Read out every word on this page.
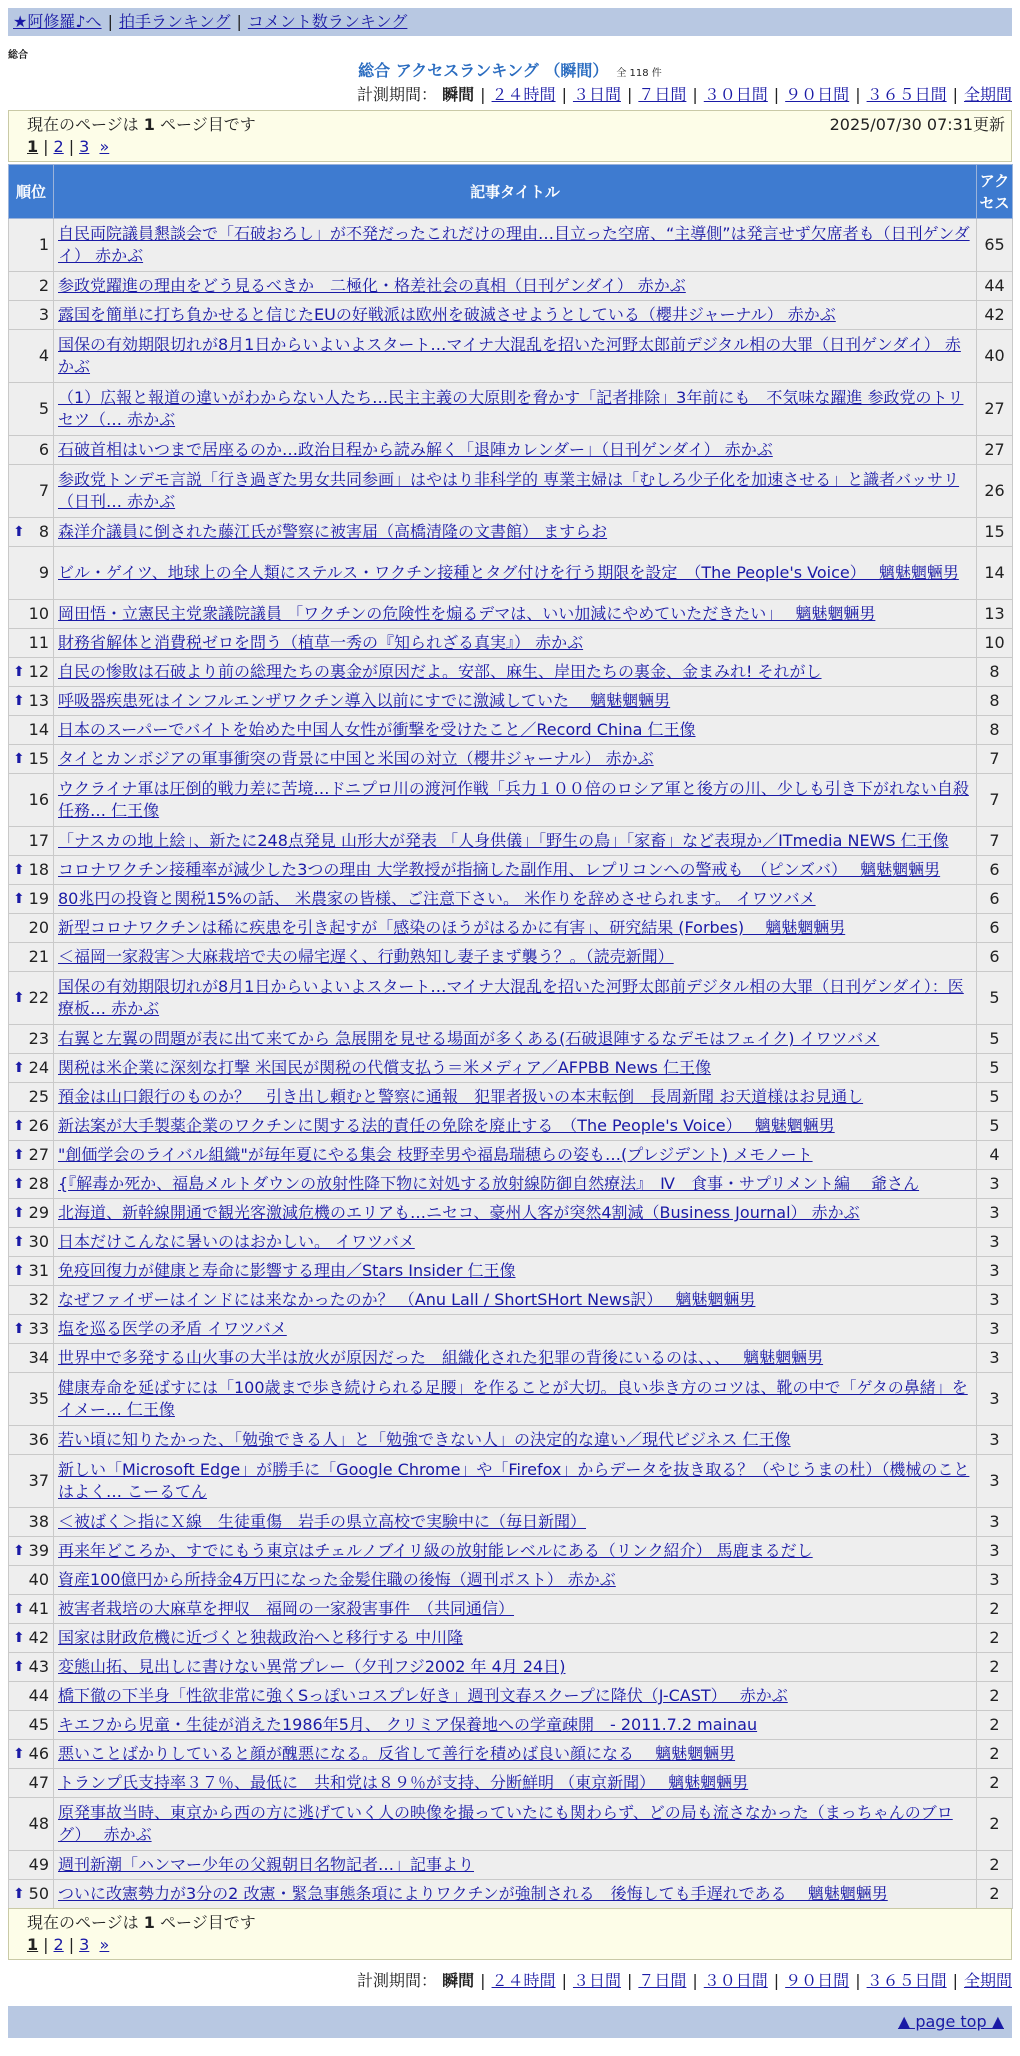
★阿修羅♪へ | 拍手ランキング | コメント数ランキング
総合
総合 アクセスランキング （瞬間） 全 118 件
計測期間： 瞬間 | ２４時間 | ３日間 | ７日間 | ３０日間 | ９０日間 | ３６５日間 | 全期間
現在のページは 1 ページ目です	2025/07/30 07:31更新
1 | 2 | 3 »
順位	記事タイトル	アクセス
1	自民両院議員懇談会で「石破おろし」が不発だったこれだけの理由…目立った空席、“主導側”は発言せず欠席者も（日刊ゲンダイ） 赤かぶ	65
2	参政党躍進の理由をどう見るべきか　二極化・格差社会の真相（日刊ゲンダイ） 赤かぶ	44
3	露国を簡単に打ち負かせると信じたEUの好戦派は欧州を破滅させようとしている（櫻井ジャーナル） 赤かぶ	42
4	国保の有効期限切れが8月1日からいよいよスタート…マイナ大混乱を招いた河野太郎前デジタル相の大罪（日刊ゲンダイ） 赤かぶ	40
5	（1）広報と報道の違いがわからない人たち…民主主義の大原則を脅かす「記者排除」3年前にも　不気味な躍進 参政党のトリセツ（… 赤かぶ	27
6	石破首相はいつまで居座るのか…政治日程から読み解く「退陣カレンダー」（日刊ゲンダイ） 赤かぶ	27
7	参政党トンデモ言説「行き過ぎた男女共同参画」はやはり非科学的 専業主婦は「むしろ少子化を加速させる」と識者バッサリ（日刊… 赤かぶ	26

⬆ 8	森洋介議員に倒された藤江氏が警察に被害届（高橋清隆の文書館） ますらお	15
9	ビル・ゲイツ、地球上の全人類にステルス・ワクチン接種とタグ付けを行う期限を設定　（The People's Voice）　 魑魅魍魎男	14
10	岡田悟・立憲民主党衆議院議員 「ワクチンの危険性を煽るデマは、いい加減にやめていただきたい」　 魑魅魍魎男	13
11	財務省解体と消費税ゼロを問う（植草一秀の『知られざる真実』） 赤かぶ	10

⬆ 12	自民の惨敗は石破より前の総理たちの裏金が原因だよ。安部、麻生、岸田たちの裏金、金まみれ! それがし	8

⬆ 13	呼吸器疾患死はインフルエンザワクチン導入以前にすでに激減していた　 魑魅魍魎男	8
14	日本のスーパーでバイトを始めた中国人女性が衝撃を受けたこと／Record China 仁王像	8

⬆ 15	タイとカンボジアの軍事衝突の背景に中国と米国の対立（櫻井ジャーナル） 赤かぶ	7
16	ウクライナ軍は圧倒的戦力差に苦境…ドニプロ川の渡河作戦「兵力１００倍のロシア軍と後方の川、少しも引き下がれない自殺任務… 仁王像	7
17	「ナスカの地上絵」、新たに248点発見 山形大が発表 「人身供儀」「野生の鳥」「家畜」など表現か／ITmedia NEWS 仁王像	7

⬆ 18	コロナワクチン接種率が減少した3つの理由 大学教授が指摘した副作用、レプリコンへの警戒も　（ピンズバ）　 魑魅魍魎男	6

⬆ 19	80兆円の投資と関税15%の話、 米農家の皆様、ご注意下さい。 米作りを辞めさせられます。 イワツバメ	6
20	新型コロナワクチンは稀に疾患を引き起すが「感染のほうがはるかに有害」、研究結果 (Forbes)　 魑魅魍魎男	6
21	＜福岡一家殺害＞大麻栽培で夫の帰宅遅く、行動熟知し妻子まず襲う？。（読売新聞）	6

⬆ 22	国保の有効期限切れが8月1日からいよいよスタート…マイナ大混乱を招いた河野太郎前デジタル相の大罪（日刊ゲンダイ）：医療板… 赤かぶ	5
23	右翼と左翼の問題が表に出て来てから 急展開を見せる場面が多くある(石破退陣するなデモはフェイク) イワツバメ	5

⬆ 24	関税は米企業に深刻な打撃 米国民が関税の代償支払う＝米メディア／AFPBB News 仁王像	5
25	預金は山口銀行のものか？　引き出し頼むと警察に通報　犯罪者扱いの本末転倒　長周新聞 お天道様はお見通し	5

⬆ 26	新法案が大手製薬企業のワクチンに関する法的責任の免除を廃止する　（The People's Voice）　 魑魅魍魎男	5

⬆ 27	"創価学会のライバル組織"が毎年夏にやる集会 枝野幸男や福島瑞穂らの姿も…(プレジデント) メモノート	4

⬆ 28	{『解毒か死か、福島メルトダウンの放射性降下物に対処する放射線防御自然療法』　Ⅳ　食事・サプリメント編　 爺さん	3

⬆ 29	北海道、新幹線開通で観光客激減危機のエリアも…ニセコ、豪州人客が突然4割減（Business Journal） 赤かぶ	3

⬆ 30	日本だけこんなに暑いのはおかしい。 イワツバメ	3

⬆ 31	免疫回復力が健康と寿命に影響する理由／Stars Insider 仁王像	3
32	なぜファイザーはインドには来なかったのか？ （Anu Lall / ShortSHort News訳）　 魑魅魍魎男	3

⬆ 33	塩を巡る医学の矛盾 イワツバメ	3
34	世界中で多発する山火事の大半は放火が原因だった　組織化された犯罪の背後にいるのは、、、　 魑魅魍魎男	3
35	健康寿命を延ばすには「100歳まで歩き続けられる足腰」を作ることが大切。良い歩き方のコツは、靴の中で「ゲタの鼻緒」をイメー… 仁王像	3
36	若い頃に知りたかった、「勉強できる人」と「勉強できない人」の決定的な違い／現代ビジネス 仁王像	3
37	新しい「Microsoft Edge」が勝手に「Google Chrome」や「Firefox」からデータを抜き取る？（やじうまの杜）（機械のことはよく… こーるてん	3
38	＜被ばく＞指にＸ線　生徒重傷　岩手の県立高校で実験中に（毎日新聞）	3

⬆ 39	再来年どころか、すでにもう東京はチェルノブイリ級の放射能レベルにある（リンク紹介） 馬鹿まるだし	3
40	資産100億円から所持金4万円になった金髪住職の後悔（週刊ポスト） 赤かぶ	3

⬆ 41	被害者栽培の大麻草を押収　福岡の一家殺害事件　（共同通信）	2

⬆ 42	国家は財政危機に近づくと独裁政治へと移行する 中川隆	2

⬆ 43	変態山拓、見出しに書けない異常プレー（夕刊フジ2002 年 4月 24日)	2
44	橋下徹の下半身「性欲非常に強くSっぽいコスプレ好き」週刊文春スクープに降伏（J-CAST）　 赤かぶ	2
45	キエフから児童・生徒が消えた1986年5月、 クリミア保養地への学童疎開　- 2011.7.2 mainau	2

⬆ 46	悪いことばかりしていると顔が醜悪になる。反省して善行を積めば良い顔になる　 魑魅魍魎男	2
47	トランプ氏支持率３７％、最低に　共和党は８９％が支持、分断鮮明 （東京新聞）　 魑魅魍魎男	2
48	原発事故当時、東京から西の方に逃げていく人の映像を撮っていたにも関わらず、どの局も流さなかった（まっちゃんのブログ）　 赤かぶ	2
49	週刊新潮「ハンマー少年の父親朝日名物記者…」記事より	2

⬆ 50	ついに改憲勢力が3分の2 改憲・緊急事態条項によりワクチンが強制される　後悔しても手遅れである　 魑魅魍魎男	2
現在のページは 1 ページ目です
1 | 2 | 3 »
計測期間： 瞬間 | ２４時間 | ３日間 | ７日間 | ３０日間 | ９０日間 | ３６５日間 | 全期間
▲ page top ▲
